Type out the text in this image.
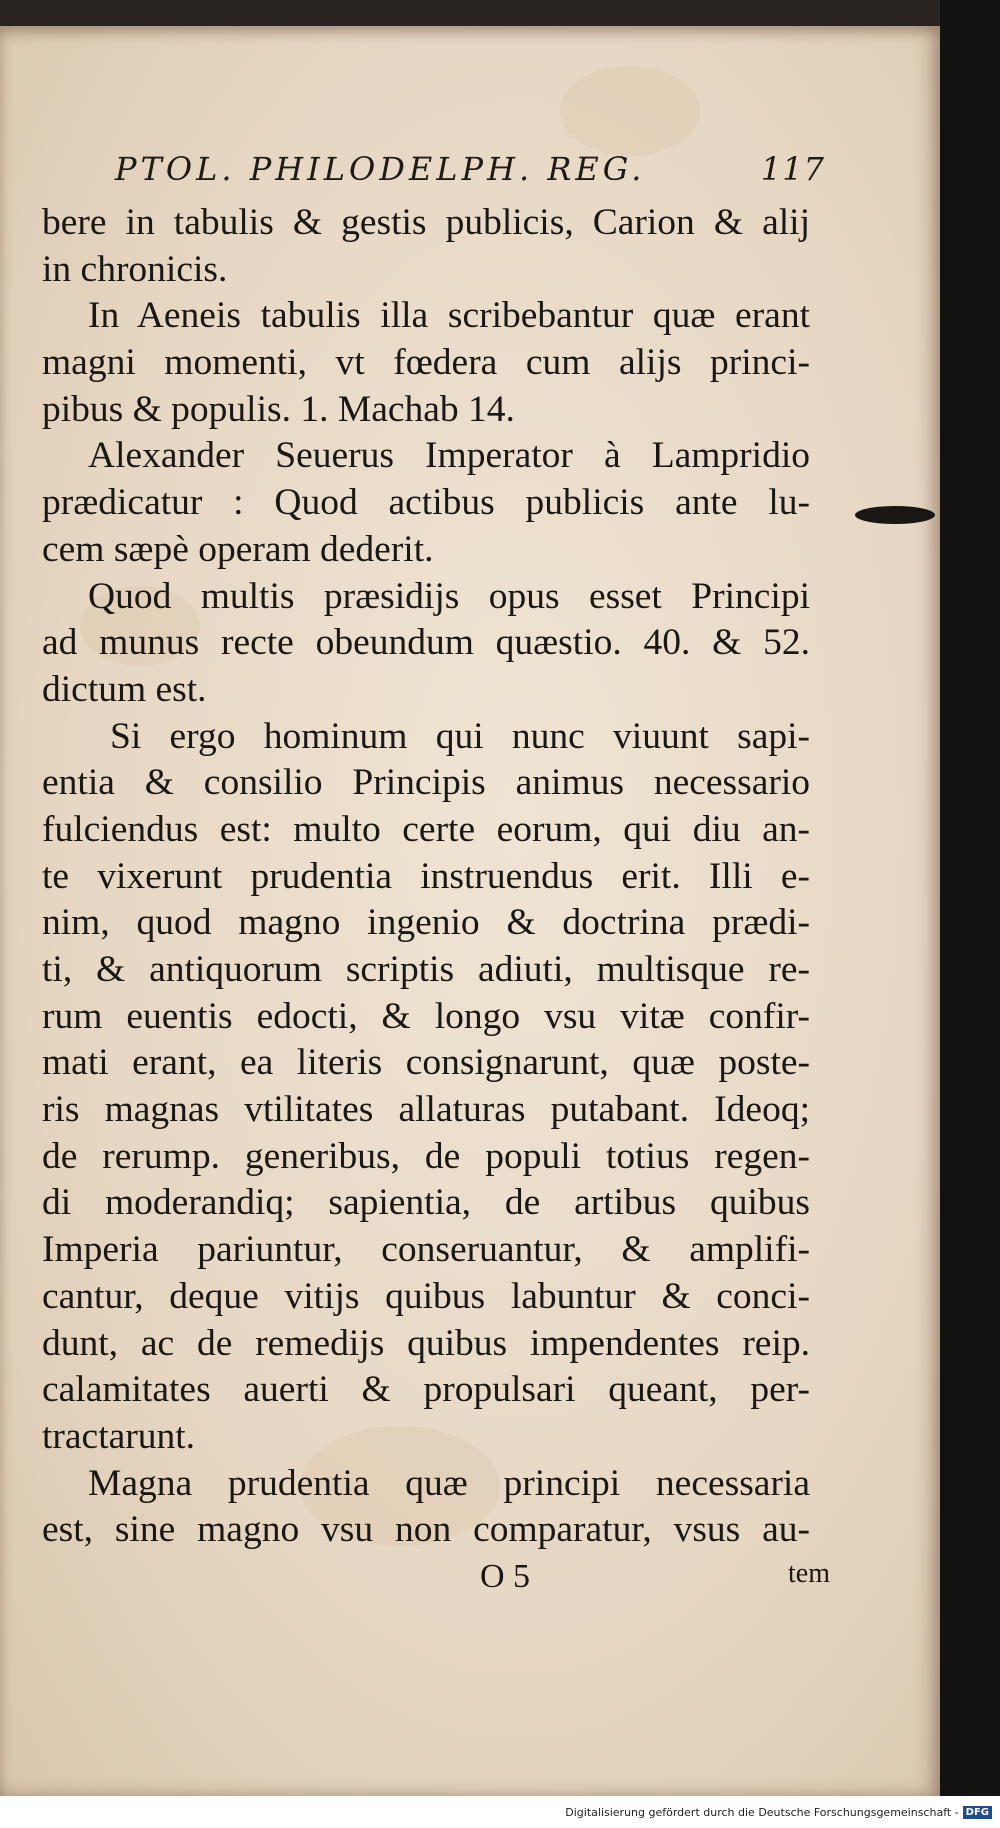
PTOL. PHILODELPH. REG.	117
bere in tabulis & gestis publicis, Carion & alij
in chronicis.
In Aeneis tabulis illa scribebantur quæ erant
magni momenti, vt fœdera cum alijs princi-
pibus & populis. 1. Machab 14.
Alexander Seuerus Imperator à Lampridio
prædicatur : Quod actibus publicis ante lu-
cem sæpè operam dederit.
Quod multis præsidijs opus esset Principi
ad munus recte obeundum quæstio. 40. & 52.
dictum est.
Si ergo hominum qui nunc viuunt sapi-
entia & consilio Principis animus necessario
fulciendus est: multo certe eorum, qui diu an-
te vixerunt prudentia instruendus erit. Illi e-
nim, quod magno ingenio & doctrina prædi-
ti, & antiquorum scriptis adiuti, multisque re-
rum euentis edocti, & longo vsu vitæ confir-
mati erant, ea literis consignarunt, quæ poste-
ris magnas vtilitates allaturas putabant. Ideoq;
de rerump. generibus, de populi totius regen-
di moderandiq; sapientia, de artibus quibus
Imperia pariuntur, conseruantur, & amplifi-
cantur, deque vitijs quibus labuntur & conci-
dunt, ac de remedijs quibus impendentes reip.
calamitates auerti & propulsari queant, per-
tractarunt.
Magna prudentia quæ principi necessaria
est, sine magno vsu non comparatur, vsus au-
O 5	tem
Digitalisierung gefördert durch die Deutsche Forschungsgemeinschaft - DFG
